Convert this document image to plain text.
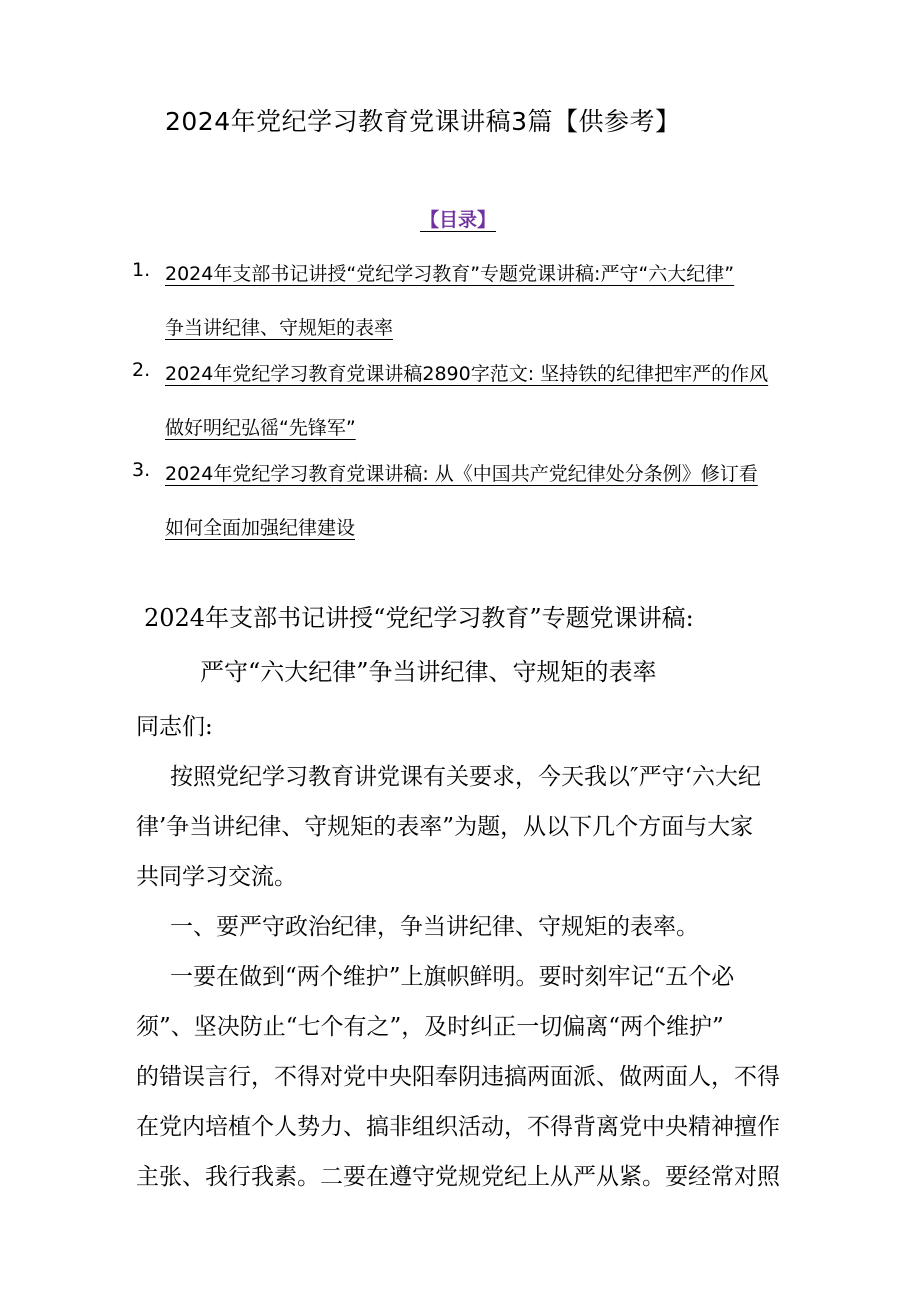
2024年党纪学习教育党课讲稿3篇【供参考】
【目录】
1. 2024年支部书记讲授“党纪学习教育”专题党课讲稿:严守“六大纪律”
争当讲纪律、守规矩的表率
2. 2024年党纪学习教育党课讲稿2890字范文: 坚持铁的纪律把牢严的作风
做好明纪弘徭“先锋军”
3. 2024年党纪学习教育党课讲稿: 从《中国共产党纪律处分条例》修订看
如何全面加强纪律建设
2024年支部书记讲授“党纪学习教育”专题党课讲稿:
严守“六大纪律”争当讲纪律、守规矩的表率
同志们:
按照党纪学习教育讲党课有关要求，今天我以″严守‘六大纪
律’争当讲纪律、守规矩的表率”为题，从以下几个方面与大家
共同学习交流。
一、要严守政治纪律，争当讲纪律、守规矩的表率。
一要在做到“两个维护”上旗帜鲜明。要时刻牢记“五个必
须”、坚决防止“七个有之”，及时纠正一切偏离“两个维护”
的错误言行，不得对党中央阳奉阴违搞两面派、做两面人，不得
在党内培植个人势力、搞非组织活动，不得背离党中央精神擅作
主张、我行我素。二要在遵守党规党纪上从严从紧。要经常对照
